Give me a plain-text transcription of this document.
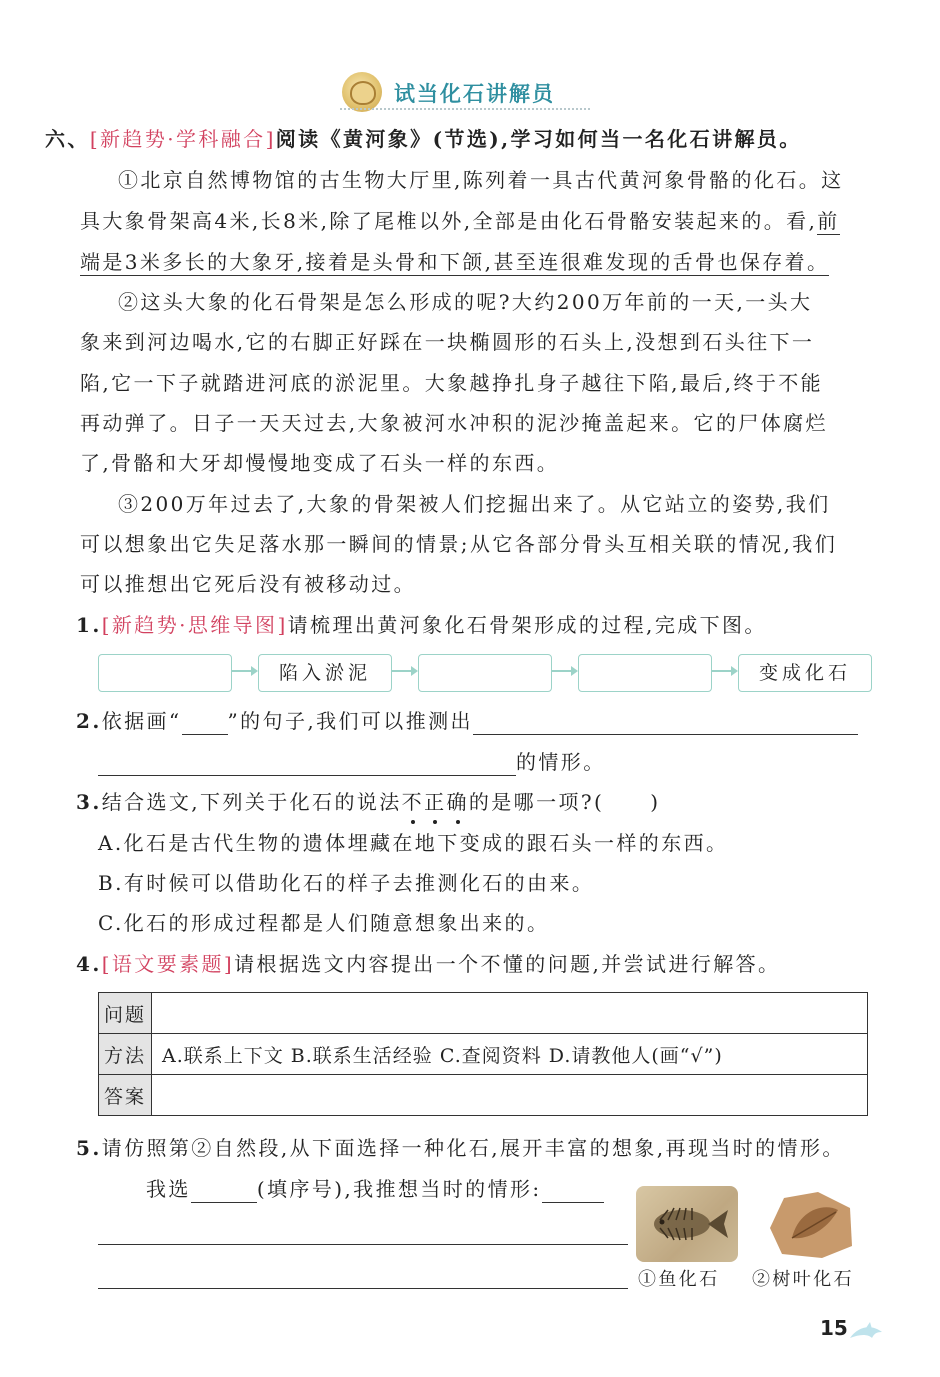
试当化石讲解员
六、[新趋势·学科融合]阅读《黄河象》(节选),学习如何当一名化石讲解员。
①北京自然博物馆的古生物大厅里,陈列着一具古代黄河象骨骼的化石。这
具大象骨架高4米,长8米,除了尾椎以外,全部是由化石骨骼安装起来的。看,前
端是3米多长的大象牙,接着是头骨和下颌,甚至连很难发现的舌骨也保存着。
②这头大象的化石骨架是怎么形成的呢?大约200万年前的一天,一头大
象来到河边喝水,它的右脚正好踩在一块椭圆形的石头上,没想到石头往下一
陷,它一下子就踏进河底的淤泥里。大象越挣扎身子越往下陷,最后,终于不能
再动弹了。日子一天天过去,大象被河水冲积的泥沙掩盖起来。它的尸体腐烂
了,骨骼和大牙却慢慢地变成了石头一样的东西。
③200万年过去了,大象的骨架被人们挖掘出来了。从它站立的姿势,我们
可以想象出它失足落水那一瞬间的情景;从它各部分骨头互相关联的情况,我们
可以推想出它死后没有被移动过。
1.[新趋势·思维导图]请梳理出黄河象化石骨架形成的过程,完成下图。
陷入淤泥	变成化石
2.依据画“ ”的句子,我们可以推测出
的情形。
3.结合选文,下列关于化石的说法不正确的是哪一项?( )
A.化石是古代生物的遗体埋藏在地下变成的跟石头一样的东西。
B.有时候可以借助化石的样子去推测化石的由来。
C.化石的形成过程都是人们随意想象出来的。
4.[语文要素题]请根据选文内容提出一个不懂的问题,并尝试进行解答。
问题	
方法	A.联系上下文 B.联系生活经验 C.查阅资料 D.请教他人(画“√”)
答案	
5.请仿照第②自然段,从下面选择一种化石,展开丰富的想象,再现当时的情形。
我选	(填序号),我推想当时的情形:
①鱼化石 ②树叶化石
15
